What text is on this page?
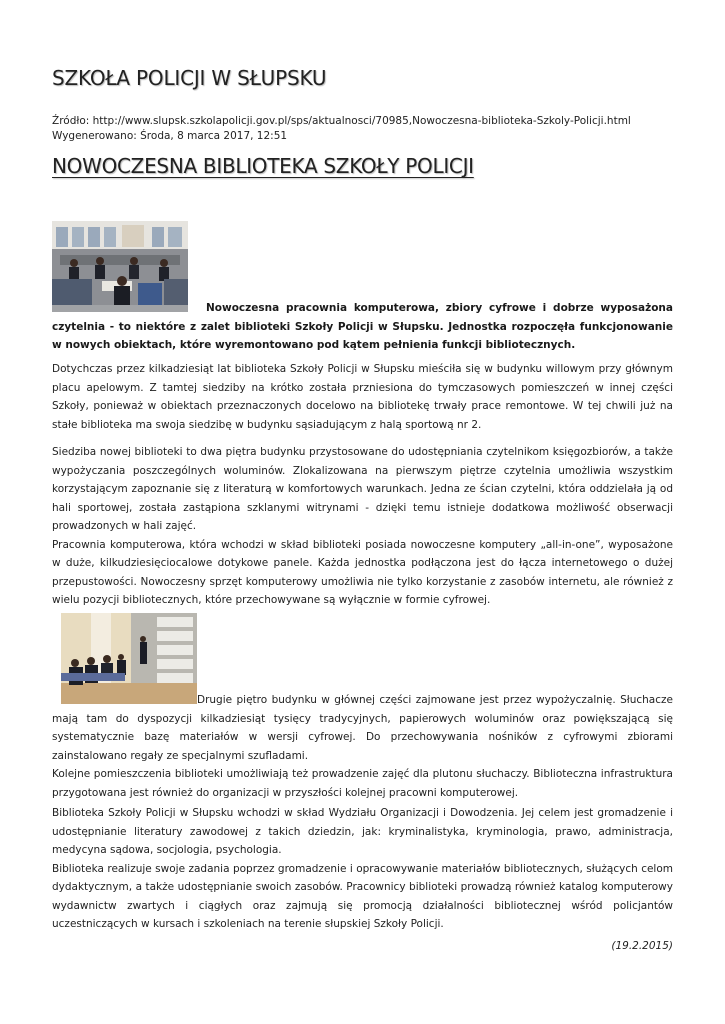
SZKOŁA POLICJI W SŁUPSKU
Źródło: http://www.slupsk.szkolapolicji.gov.pl/sps/aktualnosci/70985,Nowoczesna-biblioteka-Szkoly-Policji.html
Wygenerowano: Środa, 8 marca 2017, 12:51
NOWOCZESNA BIBLIOTEKA SZKOŁY POLICJI

Nowoczesna pracownia komputerowa, zbiory cyfrowe i dobrze wyposażona czytelnia - to niektóre z zalet biblioteki Szkoły Policji w Słupsku. Jednostka rozpoczęła funkcjonowanie w nowych obiektach, które wyremontowano pod kątem pełnienia funkcji bibliotecznych.

Dotychczas przez kilkadziesiąt lat biblioteka Szkoły Policji w Słupsku mieściła się w budynku willowym przy głównym placu apelowym. Z tamtej siedziby na krótko została przniesiona do tymczasowych pomieszczeń w innej części Szkoły, ponieważ w obiektach przeznaczonych docelowo na bibliotekę trwały prace remontowe. W tej chwili już na stałe biblioteka ma swoja siedzibę w budynku sąsiadującym z halą sportową nr 2.

Siedziba nowej biblioteki to dwa piętra budynku przystosowane do udostępniania czytelnikom księgozbiorów, a także wypożyczania poszczególnych woluminów. Zlokalizowana na pierwszym piętrze czytelnia umożliwia wszystkim korzystającym zapoznanie się z literaturą w komfortowych warunkach. Jedna ze ścian czytelni, która oddzielała ją od hali sportowej, została zastąpiona szklanymi witrynami - dzięki temu istnieje dodatkowa możliwość obserwacji prowadzonych w hali zajęć.

Pracownia komputerowa, która wchodzi w skład biblioteki posiada nowoczesne komputery „all-in-one”, wyposażone w duże, kilkudziesięciocalowe dotykowe panele. Każda jednostka podłączona jest do łącza internetowego o dużej przepustowości. Nowoczesny sprzęt komputerowy umożliwia nie tylko korzystanie z zasobów internetu, ale również z wielu pozycji bibliotecznych, które przechowywane są wyłącznie w formie cyfrowej.

Drugie piętro budynku w głównej części zajmowane jest przez wypożyczalnię. Słuchacze mają tam do dyspozycji kilkadziesiąt tysięcy tradycyjnych, papierowych woluminów oraz powiększającą się systematycznie bazę materiałów w wersji cyfrowej. Do przechowywania nośników z cyfrowymi zbiorami zainstalowano regały ze specjalnymi szufladami.

Kolejne pomieszczenia biblioteki umożliwiają też prowadzenie zajęć dla plutonu słuchaczy. Biblioteczna infrastruktura przygotowana jest również do organizacji w przyszłości kolejnej pracowni komputerowej.

Biblioteka Szkoły Policji w Słupsku wchodzi w skład Wydziału Organizacji i Dowodzenia. Jej celem jest gromadzenie i udostępnianie literatury zawodowej z takich dziedzin, jak: kryminalistyka, kryminologia, prawo, administracja, medycyna sądowa, socjologia, psychologia.

Biblioteka realizuje swoje zadania poprzez gromadzenie i opracowywanie materiałów bibliotecznych, służących celom dydaktycznym, a także udostępnianie swoich zasobów. Pracownicy biblioteki prowadzą również katalog komputerowy wydawnictw zwartych i ciągłych oraz zajmują się promocją działalności bibliotecznej wśród policjantów uczestniczących w kursach i szkoleniach na terenie słupskiej Szkoły Policji.

(19.2.2015)
